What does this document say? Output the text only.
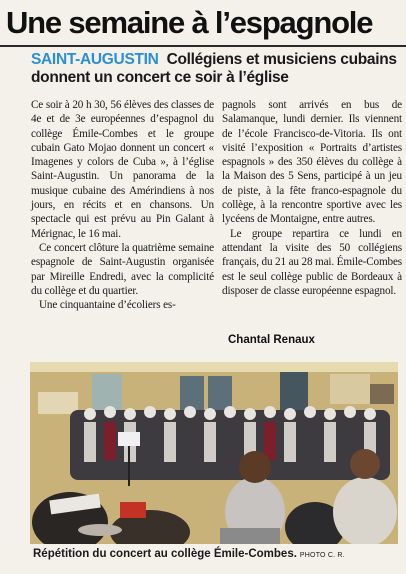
Une semaine à l’espagnole
SAINT-AUGUSTIN Collégiens et musiciens cubains donnent un concert ce soir à l’église

Ce soir à 20 h 30, 56 élèves des classes de 4e et de 3e européennes d’espagnol du collège Émile-Combes et le groupe cubain Gato Mojao donnent un concert « Imagenes y colors de Cuba », à l’église Saint-Augustin. Un panorama de la musique cubaine des Amérindiens à nos jours, en récits et en chansons. Un spectacle qui est prévu au Pin Galant à Mérignac, le 16 mai.

Ce concert clôture la quatrième semaine espagnole de Saint-Augustin organisée par Mireille Endredi, avec la complicité du collège et du quartier.

Une cinquantaine d’écoliers es-

pagnols sont arrivés en bus de Salamanque, lundi dernier. Ils viennent de l’école Francisco-de-Vitoria. Ils ont visité l’exposition « Portraits d’artistes espagnols » des 350 élèves du collège à la Maison des 5 Sens, participé à un jeu de piste, à la fête franco-espagnole du collège, à la rencontre sportive avec les lycéens de Montaigne, entre autres.

Le groupe repartira ce lundi en attendant la visite des 50 collégiens français, du 21 au 28 mai. Émile-Combes est le seul collège public de Bordeaux à disposer de classe européenne espagnol.

Chantal Renaux
Répétition du concert au collège Émile-Combes. PHOTO C. R.
